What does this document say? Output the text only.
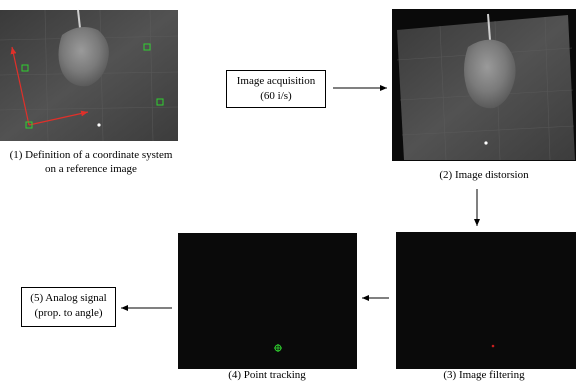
(1) Definition of a coordinate system
on a reference image
Image acquisition
(60 i/s)
(2) Image distorsion
(3) Image filtering
(4) Point tracking
(5) Analog signal
(prop. to angle)
